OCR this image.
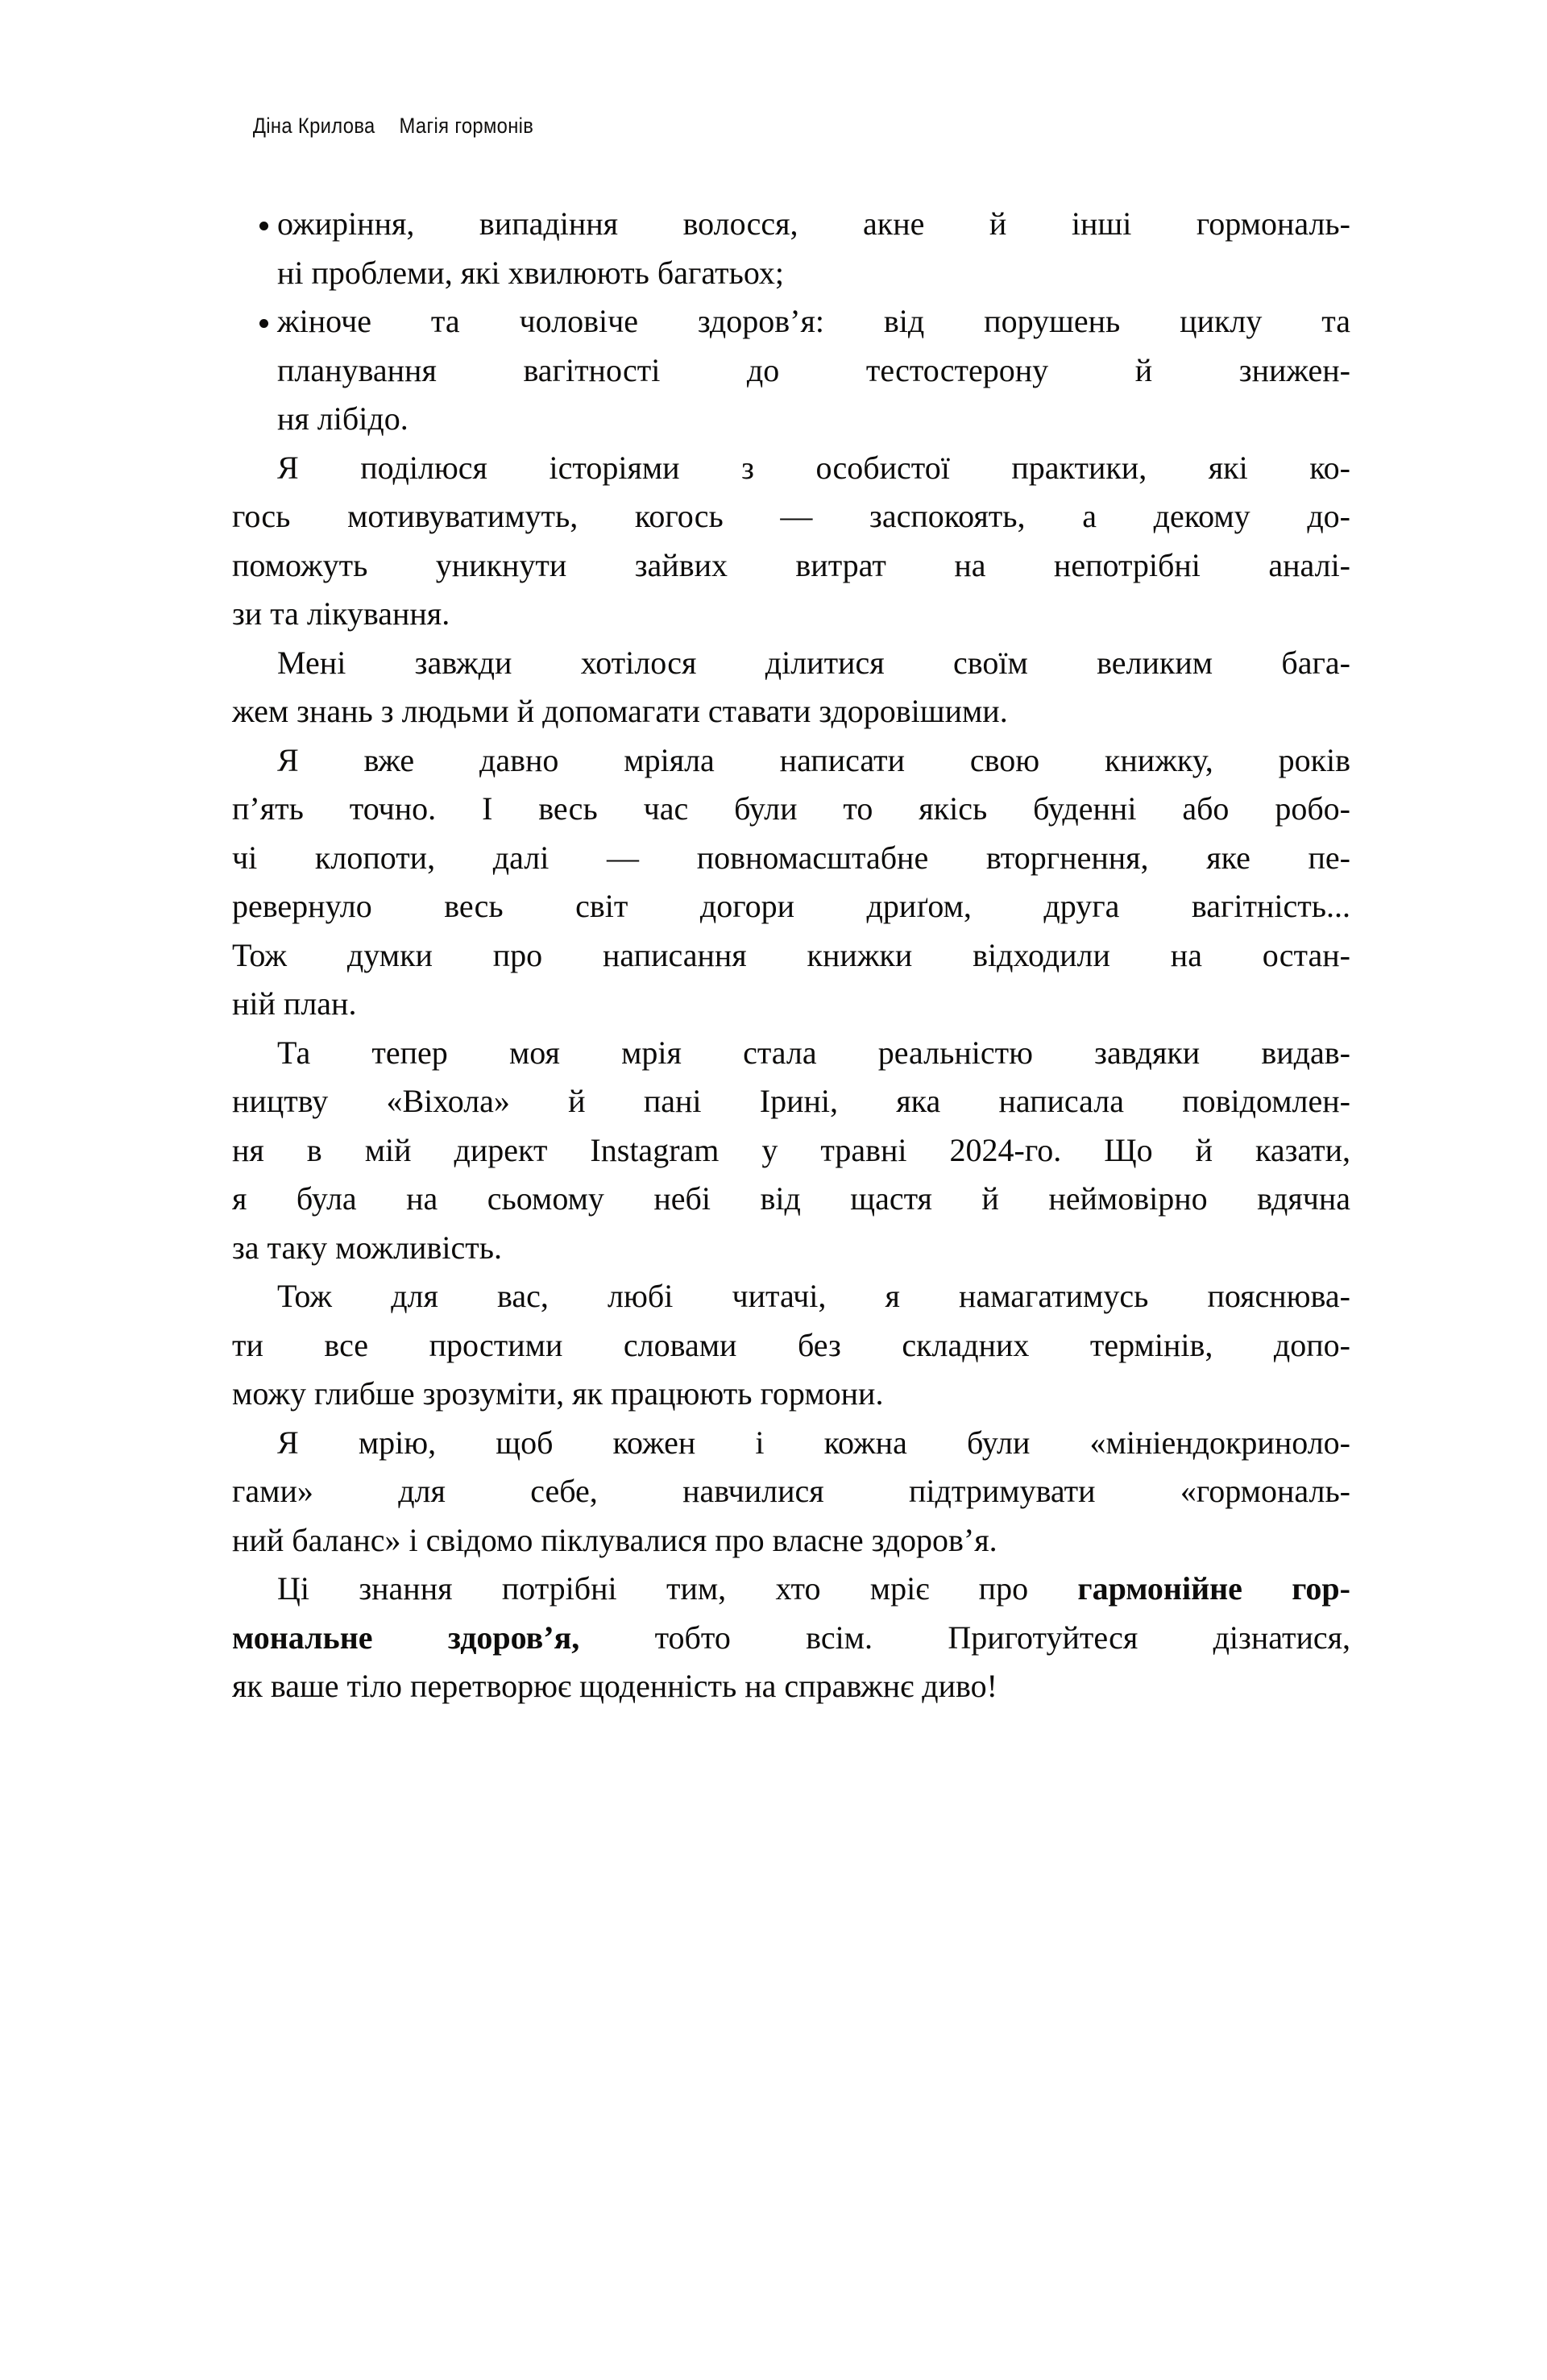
Діна Крилова Магія гормонів

ожиріння, випадіння волосся, акне й інші гормональ-
ні проблеми, які хвилюють багатьох;
жіноче та чоловіче здоров’я: від порушень циклу та
планування вагітності до тестостерону й знижен-
ня лібідо.

Я поділюся історіями з особистої практики, які ко-
гось мотивуватимуть, когось — заспокоять, а декому до-
поможуть уникнути зайвих витрат на непотрібні аналі-
зи та лікування.

Мені завжди хотілося ділитися своїм великим бага-
жем знань з людьми й допомагати ставати здоровішими.

Я вже давно мріяла написати свою книжку, років
п’ять точно. І весь час були то якісь буденні або робо-
чі клопоти, далі — повномасштабне вторгнення, яке пе-
ревернуло весь світ догори дриґом, друга вагітність...
Тож думки про написання книжки відходили на остан-
ній план.

Та тепер моя мрія стала реальністю завдяки видав-
ництву «Віхола» й пані Ірині, яка написала повідомлен-
ня в мій директ Instagram у травні 2024-го. Що й казати,
я була на сьомому небі від щастя й неймовірно вдячна
за таку можливість.

Тож для вас, любі читачі, я намагатимусь пояснюва-
ти все простими словами без складних термінів, допо-
можу глибше зрозуміти, як працюють гормони.

Я мрію, щоб кожен і кожна були «мініендокриноло-
гами» для себе, навчилися підтримувати «гормональ-
ний баланс» і свідомо піклувалися про власне здоров’я.

Ці знання потрібні тим, хто мріє про гармонійне гор-
мональне здоров’я, тобто всім. Приготуйтеся дізнатися,
як ваше тіло перетворює щоденність на справжнє диво!
